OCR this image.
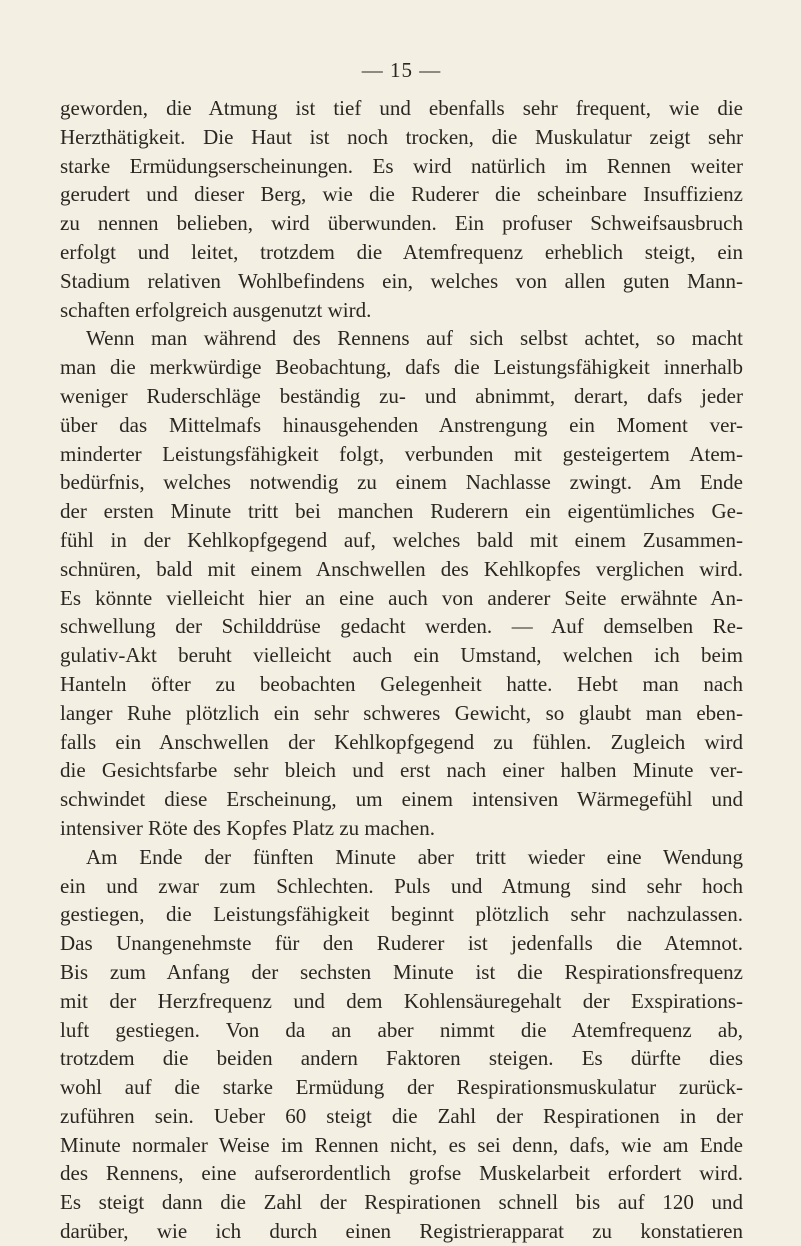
— 15 —
geworden, die Atmung ist tief und ebenfalls sehr frequent, wie die
Herzthätigkeit. Die Haut ist noch trocken, die Muskulatur zeigt sehr
starke Ermüdungserscheinungen. Es wird natürlich im Rennen weiter
gerudert und dieser Berg, wie die Ruderer die scheinbare Insuffizienz
zu nennen belieben, wird überwunden. Ein profuser Schweifsausbruch
erfolgt und leitet, trotzdem die Atemfrequenz erheblich steigt, ein
Stadium relativen Wohlbefindens ein, welches von allen guten Mann-
schaften erfolgreich ausgenutzt wird.
Wenn man während des Rennens auf sich selbst achtet, so macht
man die merkwürdige Beobachtung, dafs die Leistungsfähigkeit innerhalb
weniger Ruderschläge beständig zu- und abnimmt, derart, dafs jeder
über das Mittelmafs hinausgehenden Anstrengung ein Moment ver-
minderter Leistungsfähigkeit folgt, verbunden mit gesteigertem Atem-
bedürfnis, welches notwendig zu einem Nachlasse zwingt. Am Ende
der ersten Minute tritt bei manchen Ruderern ein eigentümliches Ge-
fühl in der Kehlkopfgegend auf, welches bald mit einem Zusammen-
schnüren, bald mit einem Anschwellen des Kehlkopfes verglichen wird.
Es könnte vielleicht hier an eine auch von anderer Seite erwähnte An-
schwellung der Schilddrüse gedacht werden. — Auf demselben Re-
gulativ-Akt beruht vielleicht auch ein Umstand, welchen ich beim
Hanteln öfter zu beobachten Gelegenheit hatte. Hebt man nach
langer Ruhe plötzlich ein sehr schweres Gewicht, so glaubt man eben-
falls ein Anschwellen der Kehlkopfgegend zu fühlen. Zugleich wird
die Gesichtsfarbe sehr bleich und erst nach einer halben Minute ver-
schwindet diese Erscheinung, um einem intensiven Wärmegefühl und
intensiver Röte des Kopfes Platz zu machen.
Am Ende der fünften Minute aber tritt wieder eine Wendung
ein und zwar zum Schlechten. Puls und Atmung sind sehr hoch
gestiegen, die Leistungsfähigkeit beginnt plötzlich sehr nachzulassen.
Das Unangenehmste für den Ruderer ist jedenfalls die Atemnot.
Bis zum Anfang der sechsten Minute ist die Respirationsfrequenz
mit der Herzfrequenz und dem Kohlensäuregehalt der Exspirations-
luft gestiegen. Von da an aber nimmt die Atemfrequenz ab,
trotzdem die beiden andern Faktoren steigen. Es dürfte dies
wohl auf die starke Ermüdung der Respirationsmuskulatur zurück-
zuführen sein. Ueber 60 steigt die Zahl der Respirationen in der
Minute normaler Weise im Rennen nicht, es sei denn, dafs, wie am Ende
des Rennens, eine aufserordentlich grofse Muskelarbeit erfordert wird.
Es steigt dann die Zahl der Respirationen schnell bis auf 120 und
darüber, wie ich durch einen Registrierapparat zu konstatieren
